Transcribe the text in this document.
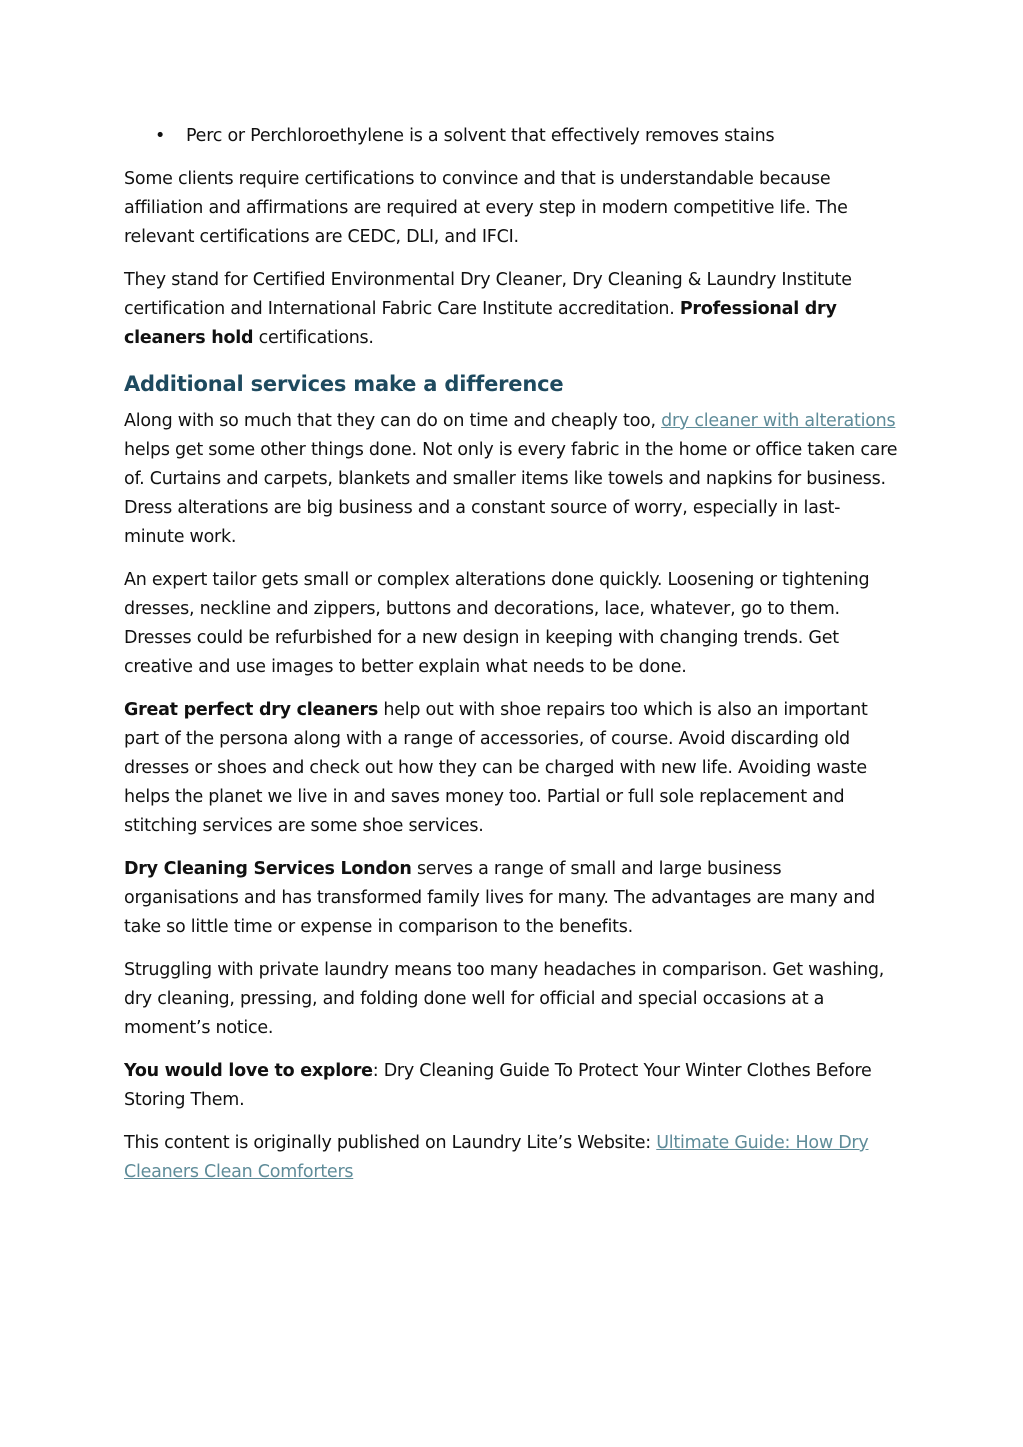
• Perc or Perchloroethylene is a solvent that effectively removes stains

Some clients require certifications to convince and that is understandable because affiliation and affirmations are required at every step in modern competitive life. The relevant certifications are CEDC, DLI, and IFCI.

They stand for Certified Environmental Dry Cleaner, Dry Cleaning & Laundry Institute certification and International Fabric Care Institute accreditation. Professional dry cleaners hold certifications.

Additional services make a difference

Along with so much that they can do on time and cheaply too, dry cleaner with alterations helps get some other things done. Not only is every fabric in the home or office taken care of. Curtains and carpets, blankets and smaller items like towels and napkins for business. Dress alterations are big business and a constant source of worry, especially in last-minute work.

An expert tailor gets small or complex alterations done quickly. Loosening or tightening dresses, neckline and zippers, buttons and decorations, lace, whatever, go to them. Dresses could be refurbished for a new design in keeping with changing trends. Get creative and use images to better explain what needs to be done.

Great perfect dry cleaners help out with shoe repairs too which is also an important part of the persona along with a range of accessories, of course. Avoid discarding old dresses or shoes and check out how they can be charged with new life. Avoiding waste helps the planet we live in and saves money too. Partial or full sole replacement and stitching services are some shoe services.

Dry Cleaning Services London serves a range of small and large business organisations and has transformed family lives for many. The advantages are many and take so little time or expense in comparison to the benefits.

Struggling with private laundry means too many headaches in comparison. Get washing, dry cleaning, pressing, and folding done well for official and special occasions at a moment’s notice.

You would love to explore: Dry Cleaning Guide To Protect Your Winter Clothes Before Storing Them.

This content is originally published on Laundry Lite’s Website: Ultimate Guide: How Dry Cleaners Clean Comforters
